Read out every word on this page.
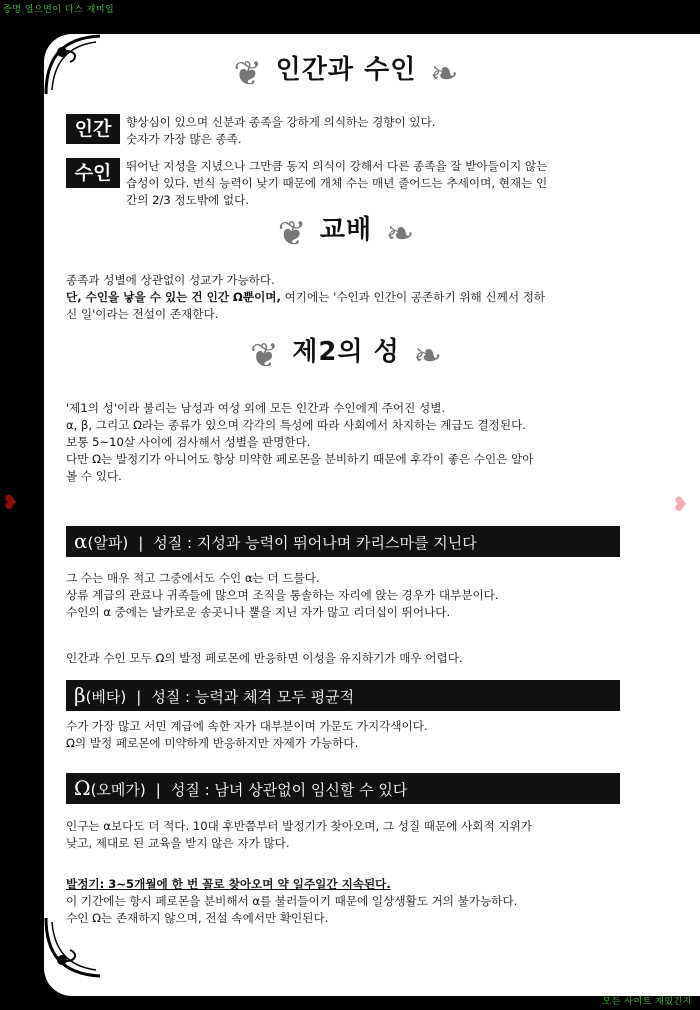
증명 열으면이 다스 재미일
모든 사이트 재밌긴지
❥	❥
❦ 인간과 수인 ❧
인간	향상심이 있으며 신분과 종족을 강하게 의식하는 경향이 있다.
숫자가 가장 많은 종족.
수인	뛰어난 지성을 지녔으나 그만큼 동지 의식이 강해서 다른 종족을 잘 받아들이지 않는
습성이 있다. 번식 능력이 낮기 때문에 개체 수는 매년 줄어드는 추세이며, 현재는 인
간의 2/3 정도밖에 없다.
❦ 교배 ❧
종족과 성별에 상관없이 성교가 가능하다.
단, 수인을 낳을 수 있는 건 인간 Ω뿐이며, 여기에는 '수인과 인간이 공존하기 위해 신께서 정하
신 일'이라는 전설이 존재한다.
❦ 제2의 성 ❧
'제1의 성'이라 불리는 남성과 여성 외에 모든 인간과 수인에게 주어진 성별.
α, β, 그리고 Ω라는 종류가 있으며 각각의 특성에 따라 사회에서 차지하는 계급도 결정된다.
보통 5~10살 사이에 검사해서 성별을 판명한다.
다만 Ω는 발정기가 아니어도 항상 미약한 페로몬을 분비하기 때문에 후각이 좋은 수인은 알아
볼 수 있다.
α(알파) | 성질 : 지성과 능력이 뛰어나며 카리스마를 지닌다
그 수는 매우 적고 그중에서도 수인 α는 더 드물다.
상류 계급의 관료나 귀족들에 많으며 조직을 통솔하는 자리에 앉는 경우가 대부분이다.
수인의 α 중에는 날카로운 송곳니나 뿔을 지닌 자가 많고 리더십이 뛰어나다.
인간과 수인 모두 Ω의 발정 페로몬에 반응하면 이성을 유지하기가 매우 어렵다.
β(베타) | 성질 : 능력과 체격 모두 평균적
수가 가장 많고 서민 계급에 속한 자가 대부분이며 가문도 가지각색이다.
Ω의 발정 페로몬에 미약하게 반응하지만 자제가 가능하다.
Ω(오메가) | 성질 : 남녀 상관없이 임신할 수 있다
인구는 α보다도 더 적다. 10대 후반쯤부터 발정기가 찾아오며, 그 성질 때문에 사회적 지위가
낮고, 제대로 된 교육을 받지 않은 자가 많다.
발정기: 3~5개월에 한 번 꼴로 찾아오며 약 일주일간 지속된다.
이 기간에는 항시 페로몬을 분비해서 α를 불러들이기 때문에 일상생활도 거의 불가능하다.
수인 Ω는 존재하지 않으며, 전설 속에서만 확인된다.
